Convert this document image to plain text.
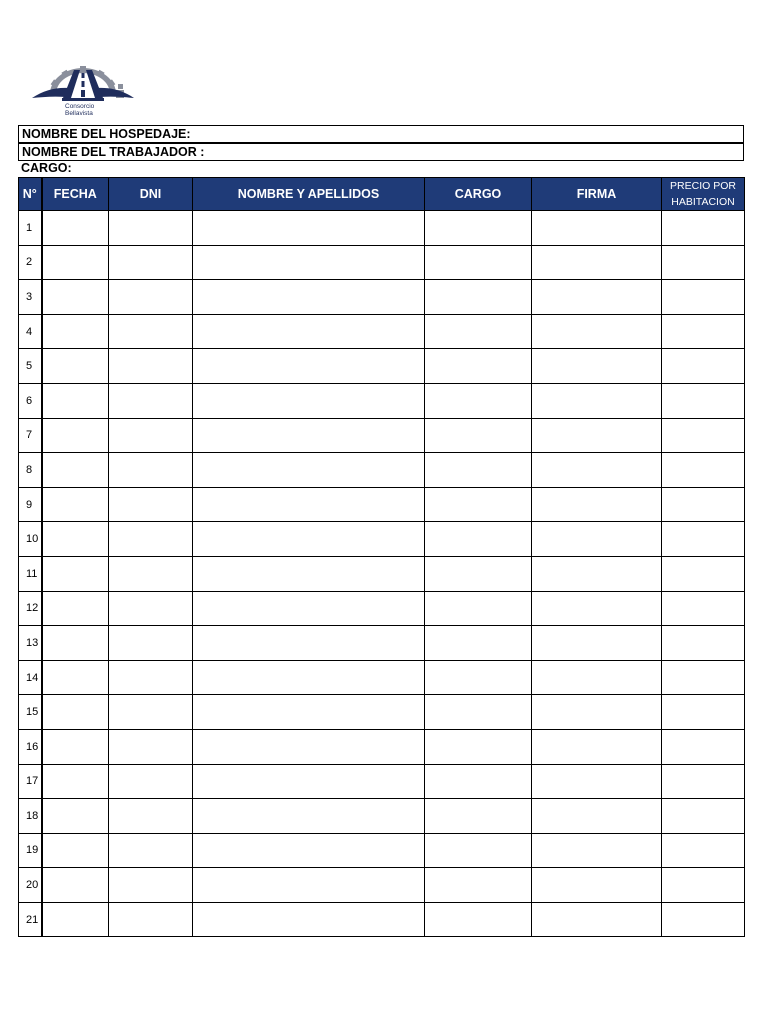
Consorcio
Bellavista
NOMBRE DEL HOSPEDAJE:
NOMBRE DEL TRABAJADOR :
CARGO:
N°	FECHA	DNI	NOMBRE Y APELLIDOS	CARGO	FIRMA	PRECIO POR
HABITACION

1						
2						
3						
4						
5						
6						
7						
8						
9						
10						
11						
12						
13						
14						
15						
16						
17						
18						
19						
20						
21						
